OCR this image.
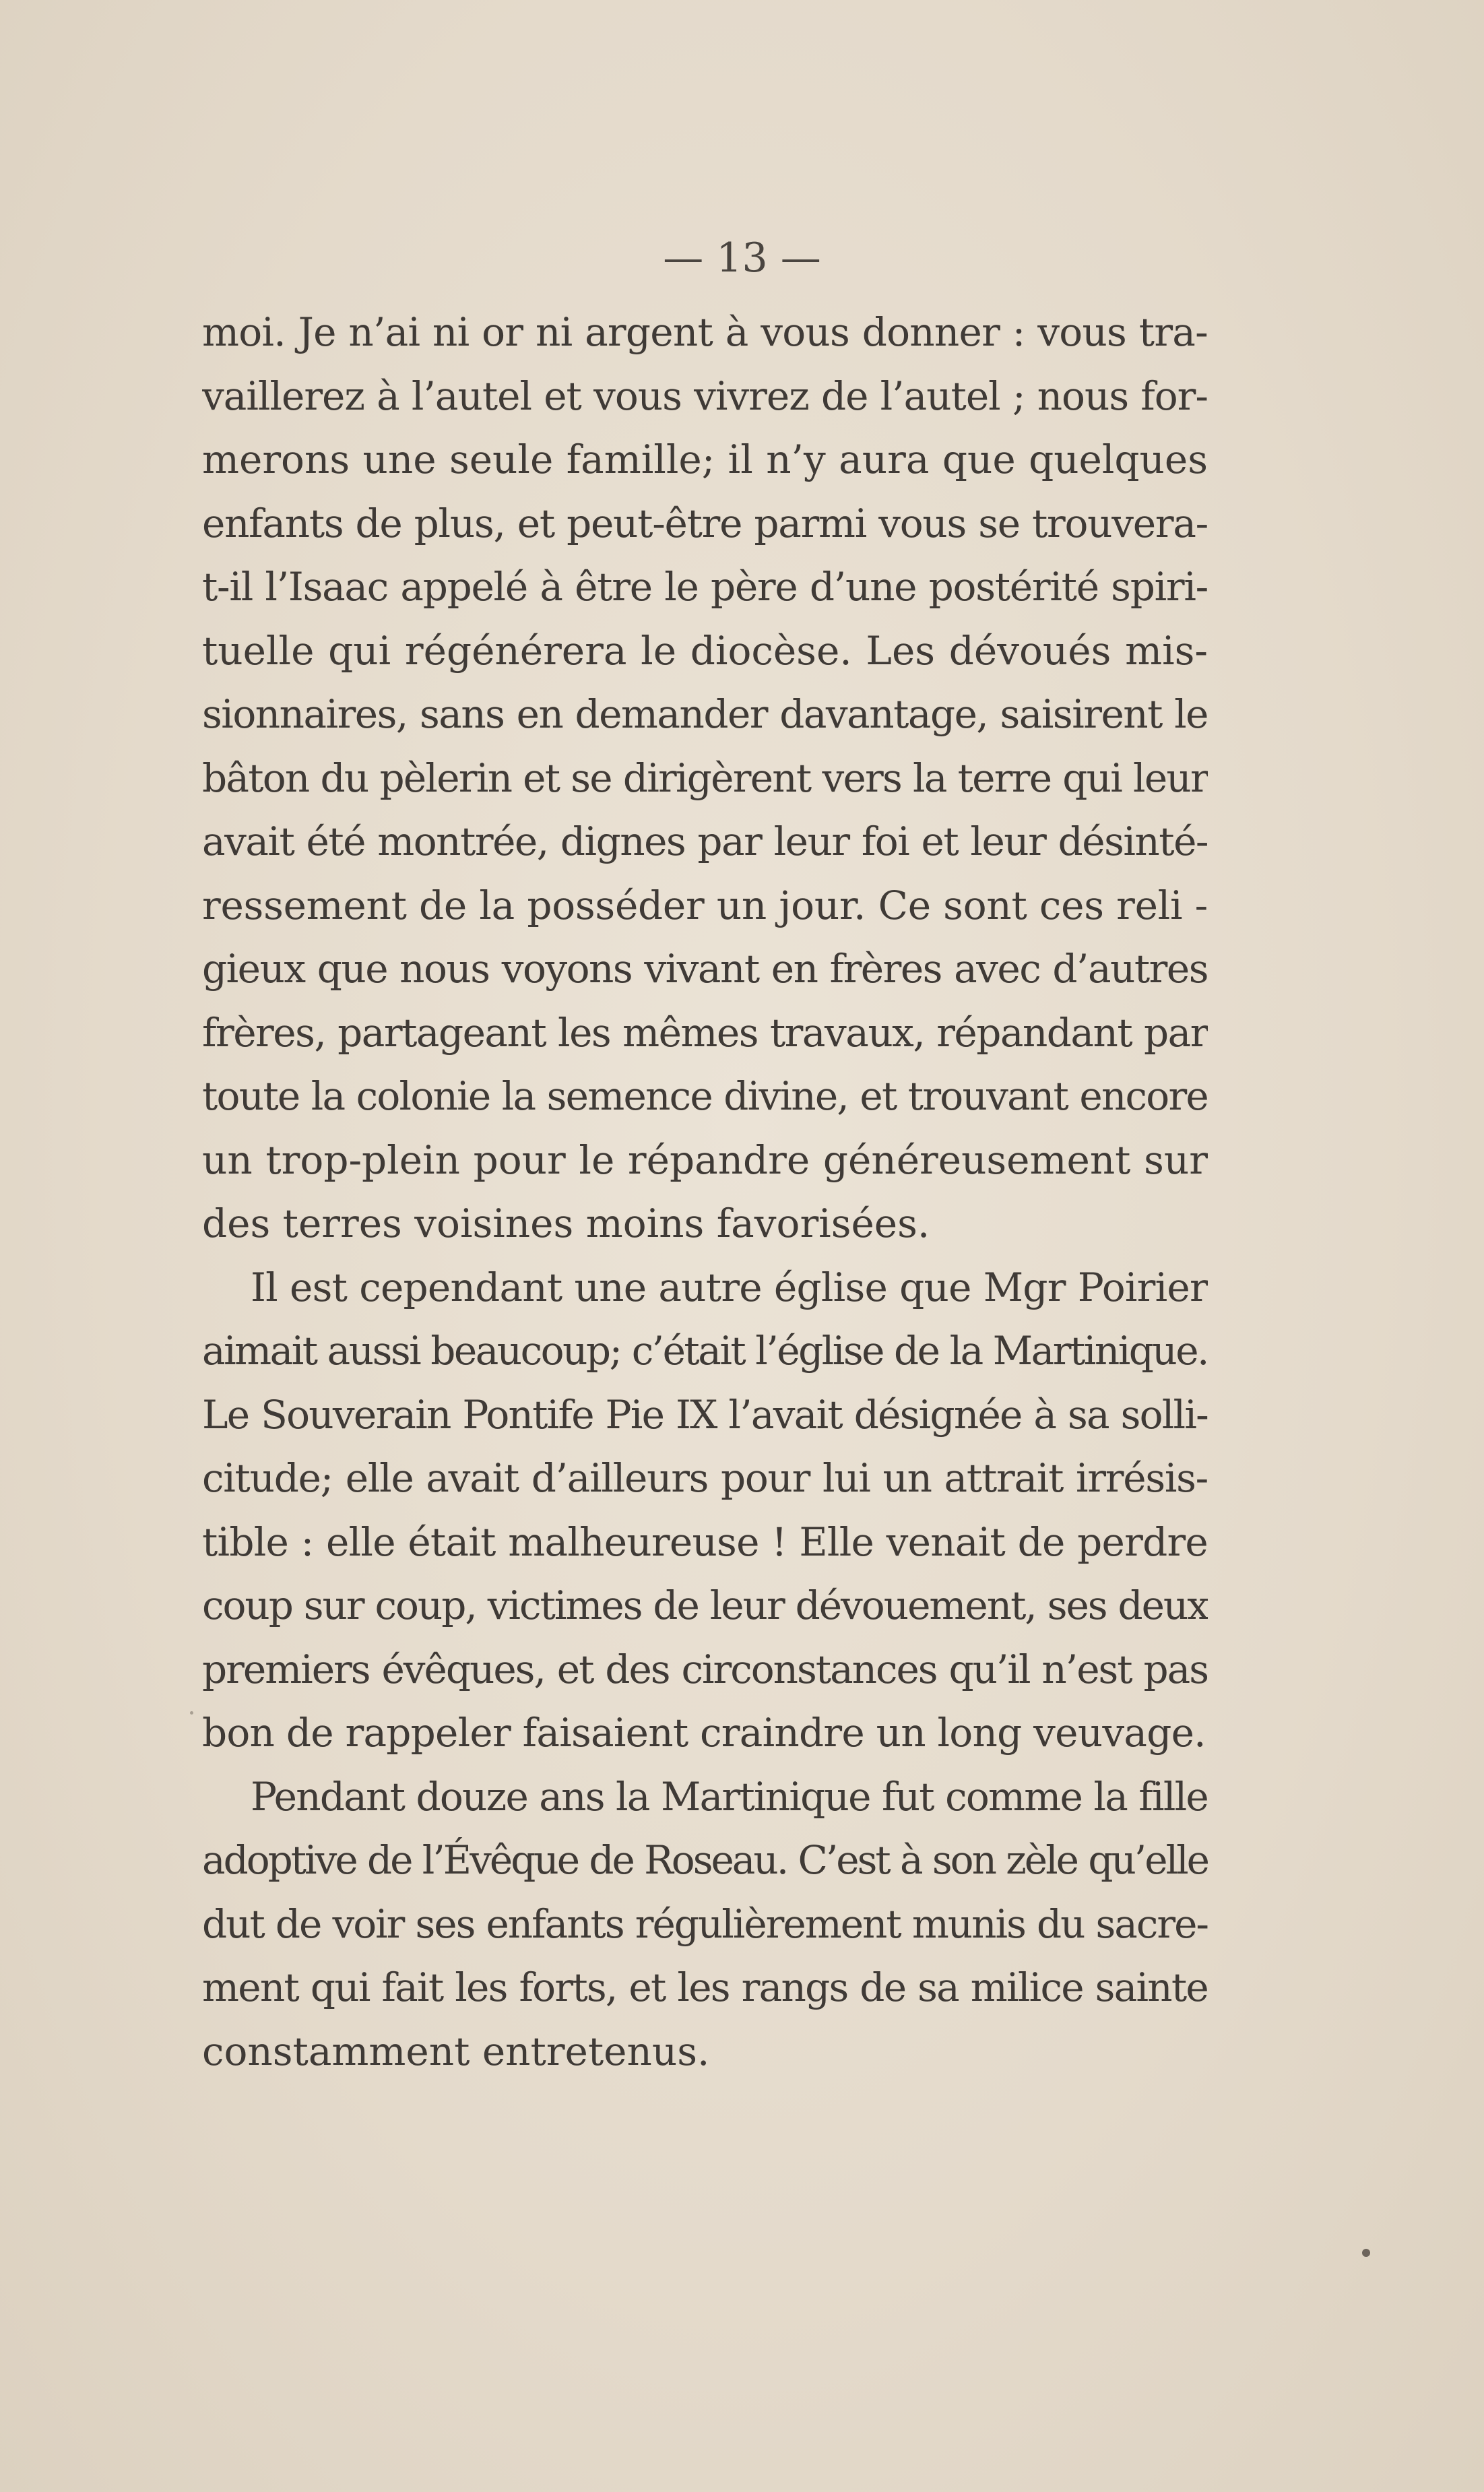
— 13 —
moi. Je n’ai ni or ni argent à vous donner : vous tra-
vaillerez à l’autel et vous vivrez de l’autel ; nous for-
merons une seule famille; il n’y aura que quelques
enfants de plus, et peut-être parmi vous se trouvera-
t-il l’Isaac appelé à être le père d’une postérité spiri-
tuelle qui régénérera le diocèse. Les dévoués mis-
sionnaires, sans en demander davantage, saisirent le
bâton du pèlerin et se dirigèrent vers la terre qui leur
avait été montrée, dignes par leur foi et leur désinté-
ressement de la posséder un jour. Ce sont ces reli -
gieux que nous voyons vivant en frères avec d’autres
frères, partageant les mêmes travaux, répandant par
toute la colonie la semence divine, et trouvant encore
un trop-plein pour le répandre généreusement sur
des terres voisines moins favorisées.
Il est cependant une autre église que Mgr Poirier
aimait aussi beaucoup; c’était l’église de la Martinique.
Le Souverain Pontife Pie IX l’avait désignée à sa solli-
citude; elle avait d’ailleurs pour lui un attrait irrésis-
tible : elle était malheureuse ! Elle venait de perdre
coup sur coup, victimes de leur dévouement, ses deux
premiers évêques, et des circonstances qu’il n’est pas
bon de rappeler faisaient craindre un long veuvage.
Pendant douze ans la Martinique fut comme la fille
adoptive de l’Évêque de Roseau. C’est à son zèle qu’elle
dut de voir ses enfants régulièrement munis du sacre-
ment qui fait les forts, et les rangs de sa milice sainte
constamment entretenus.
